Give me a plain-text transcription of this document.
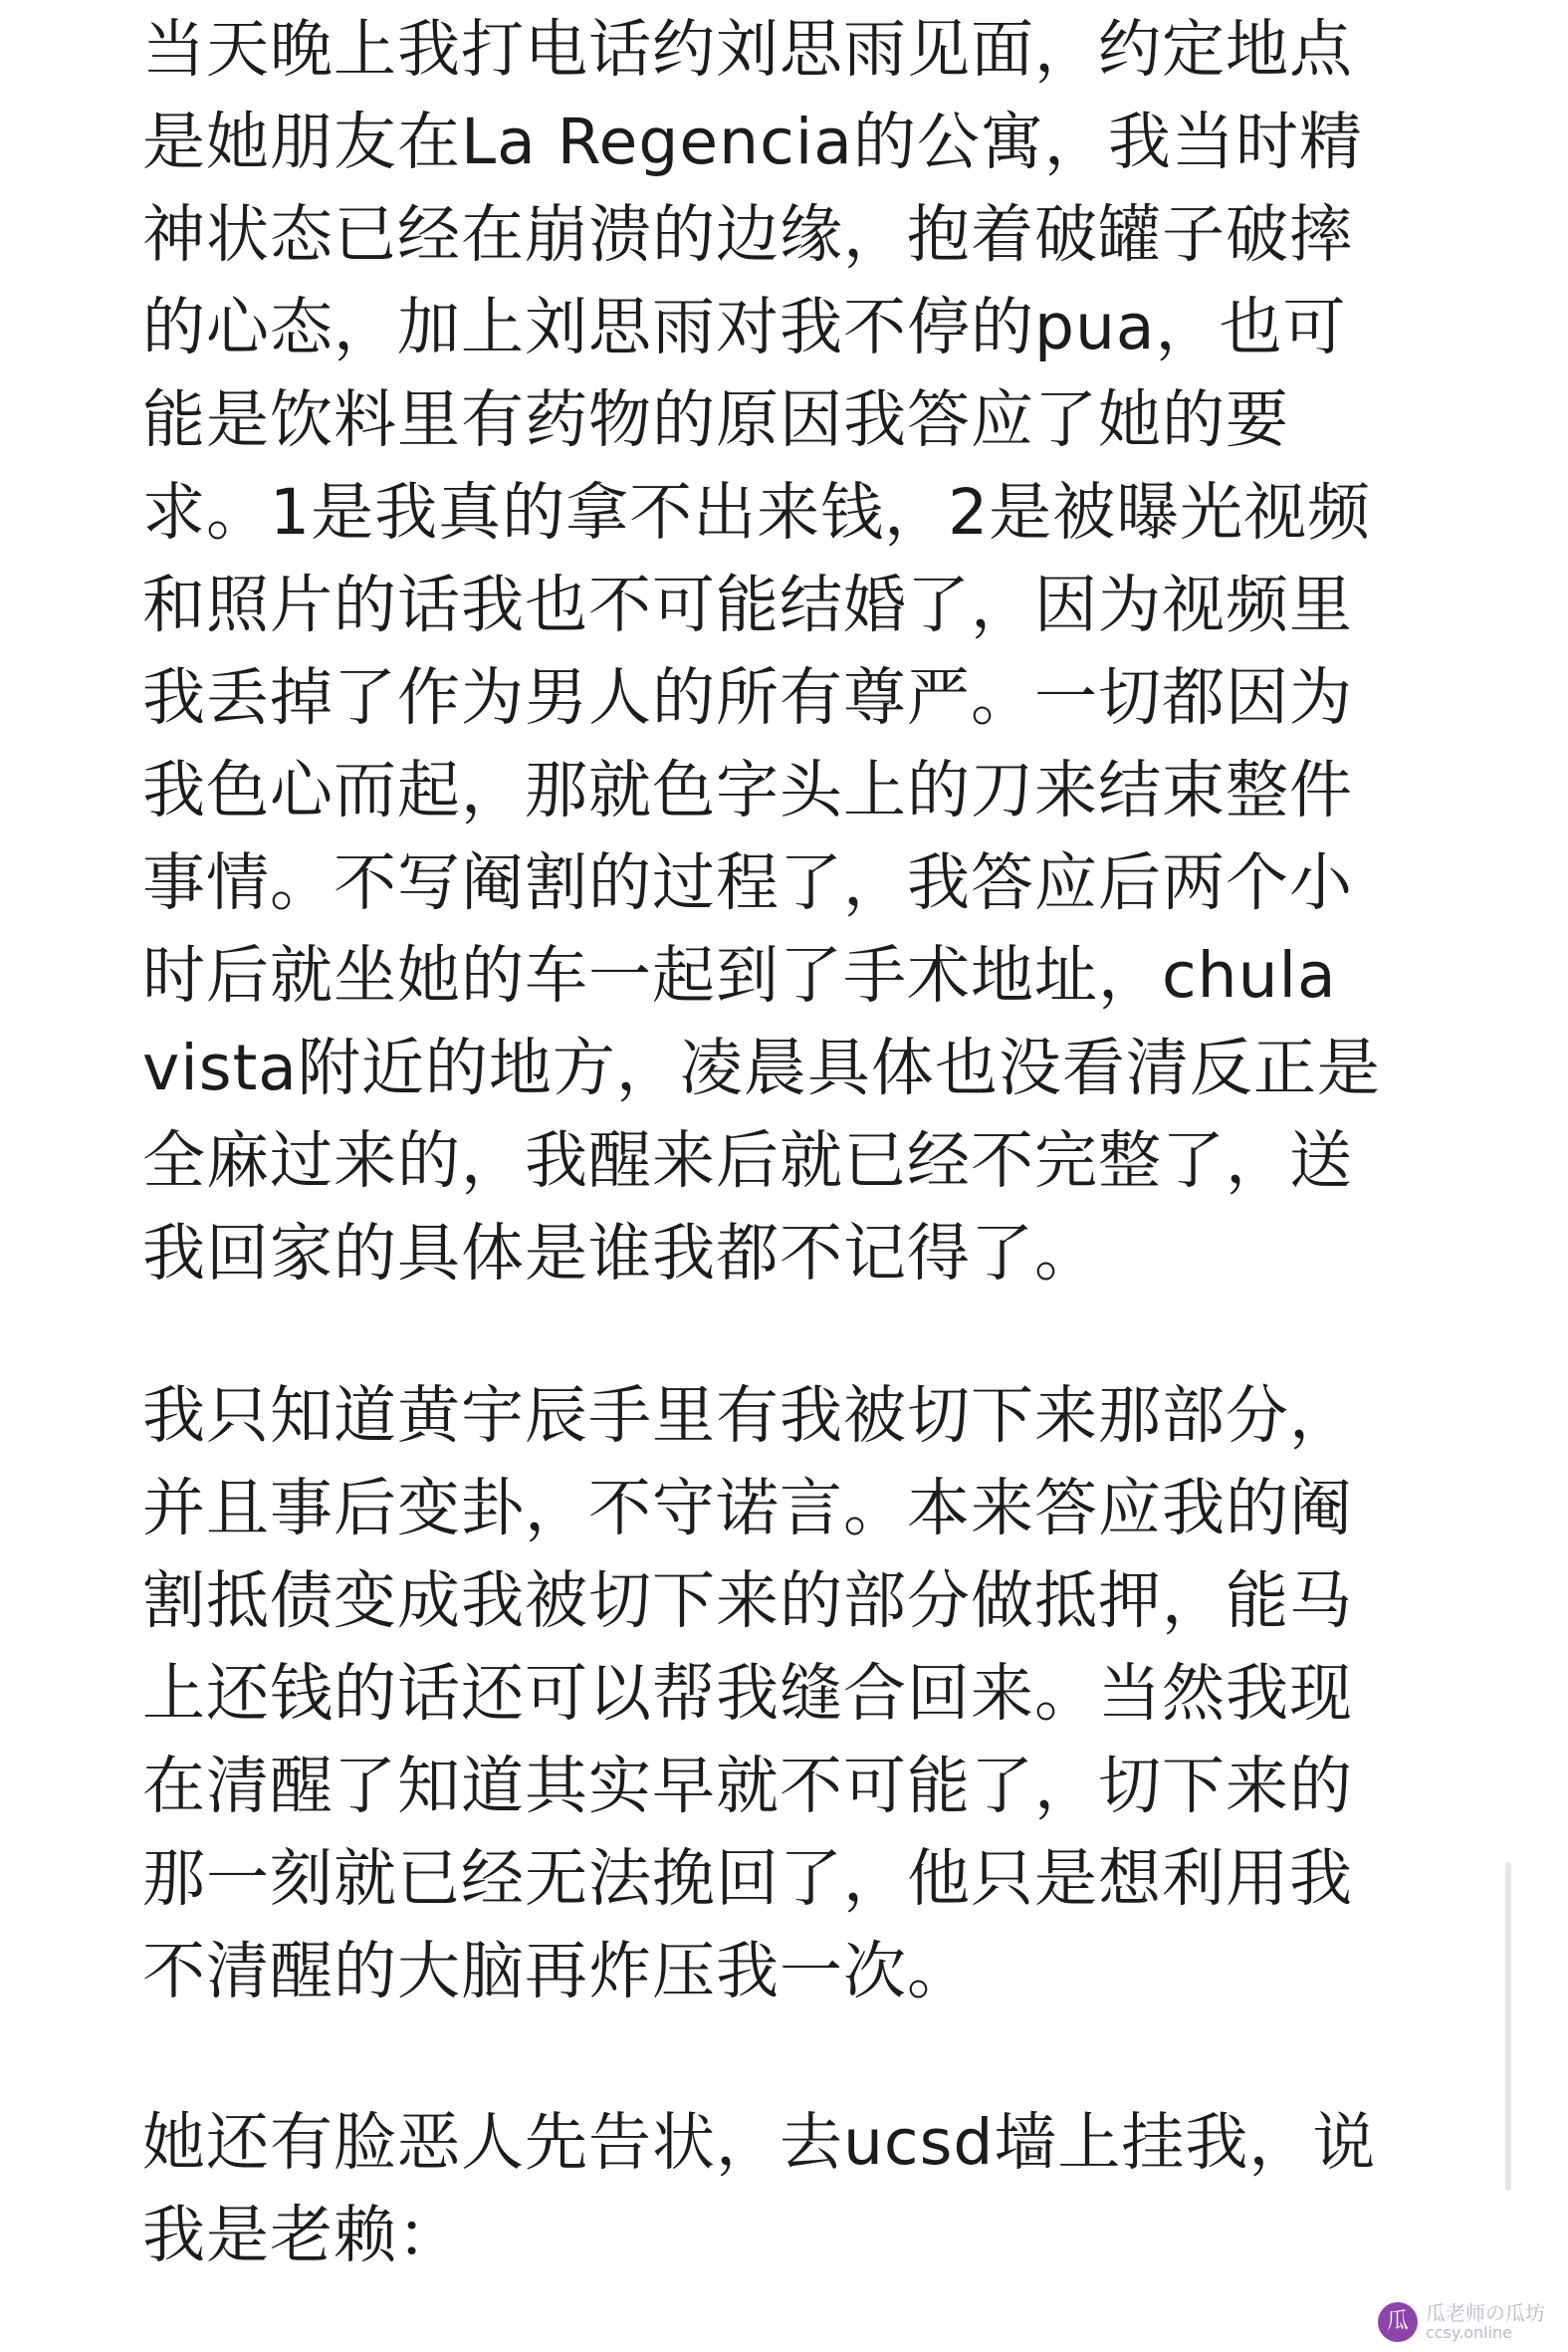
当天晚上我打电话约刘思雨见面，约定地点
是她朋友在La Regencia的公寓，我当时精
神状态已经在崩溃的边缘，抱着破罐子破摔
的心态，加上刘思雨对我不停的pua，也可
能是饮料里有药物的原因我答应了她的要
求。1是我真的拿不出来钱，2是被曝光视频
和照片的话我也不可能结婚了，因为视频里
我丢掉了作为男人的所有尊严。一切都因为
我色心而起，那就色字头上的刀来结束整件
事情。不写阉割的过程了，我答应后两个小
时后就坐她的车一起到了手术地址，chula
vista附近的地方，凌晨具体也没看清反正是
全麻过来的，我醒来后就已经不完整了，送
我回家的具体是谁我都不记得了。
我只知道黄宇辰手里有我被切下来那部分，
并且事后变卦，不守诺言。本来答应我的阉
割抵债变成我被切下来的部分做抵押，能马
上还钱的话还可以帮我缝合回来。当然我现
在清醒了知道其实早就不可能了，切下来的
那一刻就已经无法挽回了，他只是想利用我
不清醒的大脑再炸压我一次。
她还有脸恶人先告状，去ucsd墙上挂我，说
我是老赖：
瓜 瓜老师の瓜坊
ccsy.online
